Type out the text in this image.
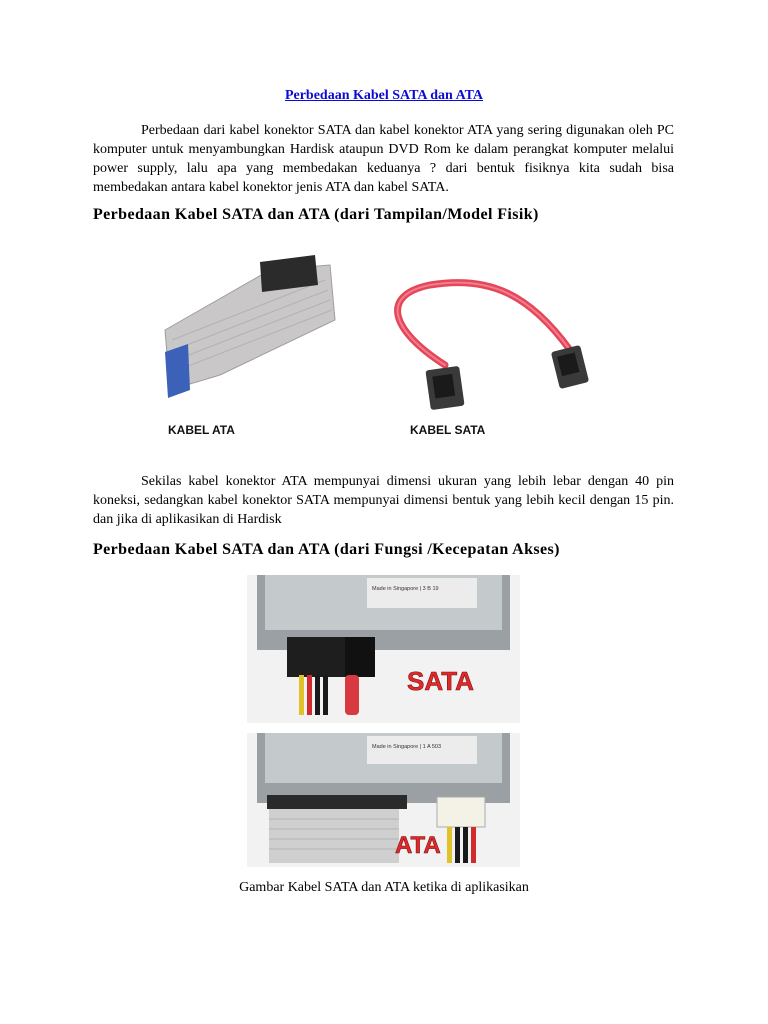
Perbedaan Kabel SATA dan ATA

Perbedaan dari kabel konektor SATA dan kabel konektor ATA yang sering digunakan oleh PC komputer untuk menyambungkan Hardisk ataupun DVD Rom ke dalam perangkat komputer melalui power supply, lalu apa yang membedakan keduanya ? dari bentuk fisiknya kita sudah bisa membedakan antara kabel konektor jenis ATA dan kabel SATA.

Perbedaan Kabel SATA dan ATA (dari Tampilan/Model Fisik)
KABEL ATA	KABEL SATA

Sekilas kabel konektor ATA mempunyai dimensi ukuran yang lebih lebar dengan 40 pin koneksi, sedangkan kabel konektor SATA mempunyai dimensi bentuk yang lebih kecil dengan 15 pin. dan jika di aplikasikan di Hardisk

Perbedaan Kabel SATA dan ATA (dari Fungsi /Kecepatan Akses)
Made in Singapore | 3 B 19
SATA
Made in Singapore | 1 A 503
ATA
Gambar Kabel SATA dan ATA ketika di aplikasikan
